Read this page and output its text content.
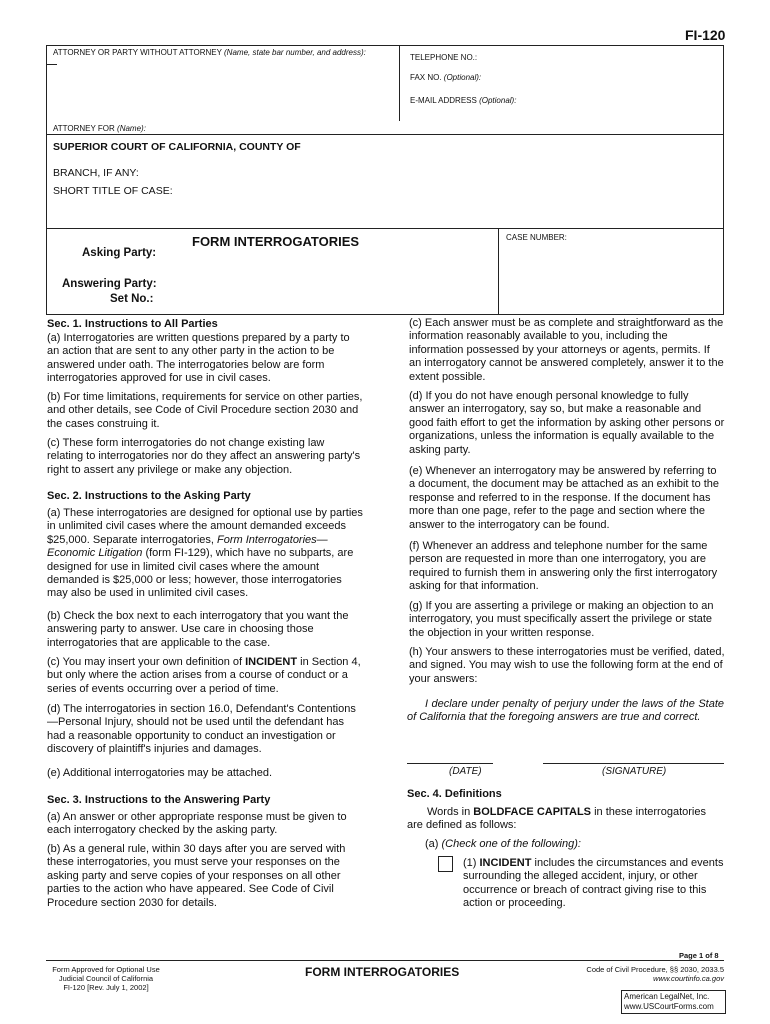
FI-120
ATTORNEY OR PARTY WITHOUT ATTORNEY (Name, state bar number, and address):
TELEPHONE NO.:
FAX NO. (Optional):
E-MAIL ADDRESS (Optional):
ATTORNEY FOR (Name):
SUPERIOR COURT OF CALIFORNIA, COUNTY OF
BRANCH, IF ANY:
SHORT TITLE OF CASE:
FORM INTERROGATORIES	CASE NUMBER:
Asking Party:
Answering Party:
Set No.:
Sec. 1. Instructions to All Parties

(a) Interrogatories are written questions prepared by a party to an action that are sent to any other party in the action to be answered under oath. The interrogatories below are form interrogatories approved for use in civil cases.

(b) For time limitations, requirements for service on other parties, and other details, see Code of Civil Procedure section 2030 and the cases construing it.

(c) These form interrogatories do not change existing law relating to interrogatories nor do they affect an answering party's right to assert any privilege or make any objection.

Sec. 2. Instructions to the Asking Party

(a) These interrogatories are designed for optional use by parties in unlimited civil cases where the amount demanded exceeds $25,000. Separate interrogatories, Form Interrogatories—Economic Litigation (form FI-129), which have no subparts, are designed for use in limited civil cases where the amount demanded is $25,000 or less; however, those interrogatories may also be used in unlimited civil cases.

(b) Check the box next to each interrogatory that you want the answering party to answer. Use care in choosing those interrogatories that are applicable to the case.

(c) You may insert your own definition of INCIDENT in Section 4, but only where the action arises from a course of conduct or a series of events occurring over a period of time.

(d) The interrogatories in section 16.0, Defendant's Contentions—Personal Injury, should not be used until the defendant has had a reasonable opportunity to conduct an investigation or discovery of plaintiff's injuries and damages.

(e) Additional interrogatories may be attached.

Sec. 3. Instructions to the Answering Party

(a) An answer or other appropriate response must be given to each interrogatory checked by the asking party.

(b) As a general rule, within 30 days after you are served with these interrogatories, you must serve your responses on the asking party and serve copies of your responses on all other parties to the action who have appeared. See Code of Civil Procedure section 2030 for details.

(c) Each answer must be as complete and straightforward as the information reasonably available to you, including the information possessed by your attorneys or agents, permits. If an interrogatory cannot be answered completely, answer it to the extent possible.

(d) If you do not have enough personal knowledge to fully answer an interrogatory, say so, but make a reasonable and good faith effort to get the information by asking other persons or organizations, unless the information is equally available to the asking party.

(e) Whenever an interrogatory may be answered by referring to a document, the document may be attached as an exhibit to the response and referred to in the response. If the document has more than one page, refer to the page and section where the answer to the interrogatory can be found.

(f) Whenever an address and telephone number for the same person are requested in more than one interrogatory, you are required to furnish them in answering only the first interrogatory asking for that information.

(g) If you are asserting a privilege or making an objection to an interrogatory, you must specifically assert the privilege or state the objection in your written response.

(h) Your answers to these interrogatories must be verified, dated, and signed. You may wish to use the following form at the end of your answers:

I declare under penalty of perjury under the laws of the State of California that the foregoing answers are true and correct.

(DATE)	(SIGNATURE)
Sec. 4. Definitions

Words in BOLDFACE CAPITALS in these interrogatories are defined as follows:

(a) (Check one of the following):

(1) INCIDENT includes the circumstances and events surrounding the alleged accident, injury, or other occurrence or breach of contract giving rise to this action or proceeding.

Page 1 of 8
Form Approved for Optional Use
Judicial Council of California
FI-120 [Rev. July 1, 2002]
FORM INTERROGATORIES	Code of Civil Procedure, §§ 2030, 2033.5
www.courtinfo.ca.gov
American LegalNet, Inc.
www.USCourtForms.com
